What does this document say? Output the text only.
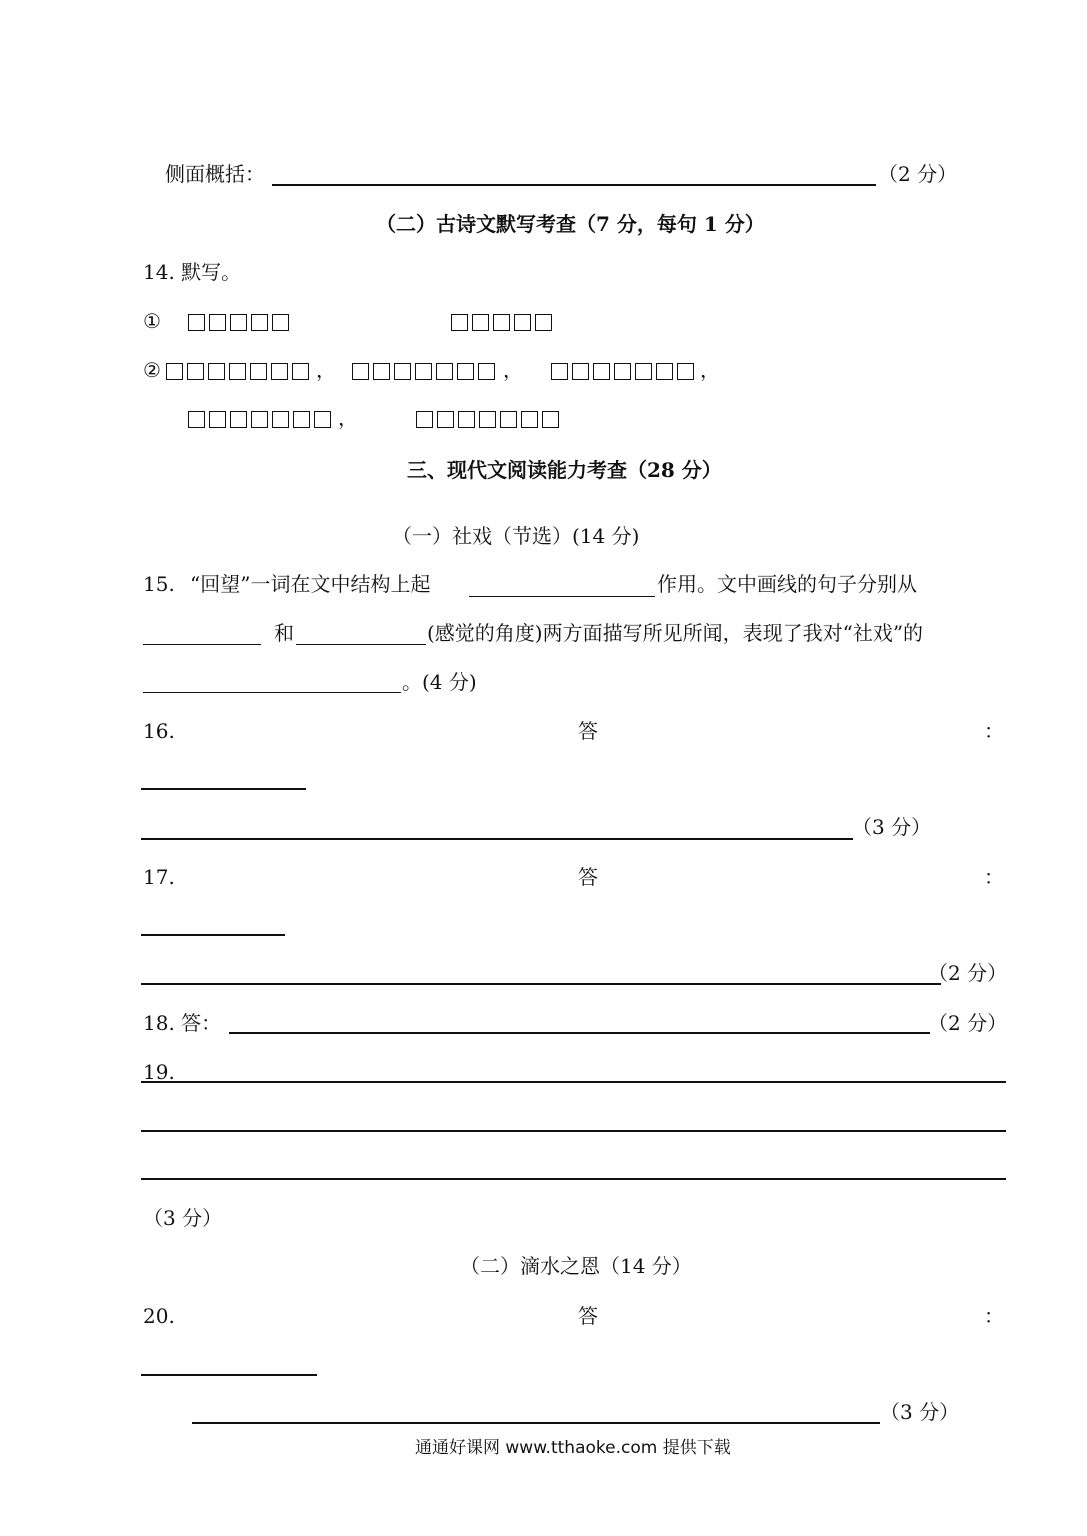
侧面概括：	（2 分）
（二）古诗文默写考查（7 分，每句 1 分）
14. 默写。
①
②	，	，	，
，
三、现代文阅读能力考查（28 分）
（一）社戏（节选）(14 分)
15. “回望”一词在文中结构上起	作用。文中画线的句子分别从
和	(感觉的角度)两方面描写所见所闻，表现了我对“社戏”的
。(4 分)
16.	答	：
（3 分）
17.	答	：
（2 分）
18. 答：	（2 分）
19.
（3 分）
（二）滴水之恩（14 分）
20.	答	：
（3 分）
通通好课网 www.tthaoke.com 提供下载
